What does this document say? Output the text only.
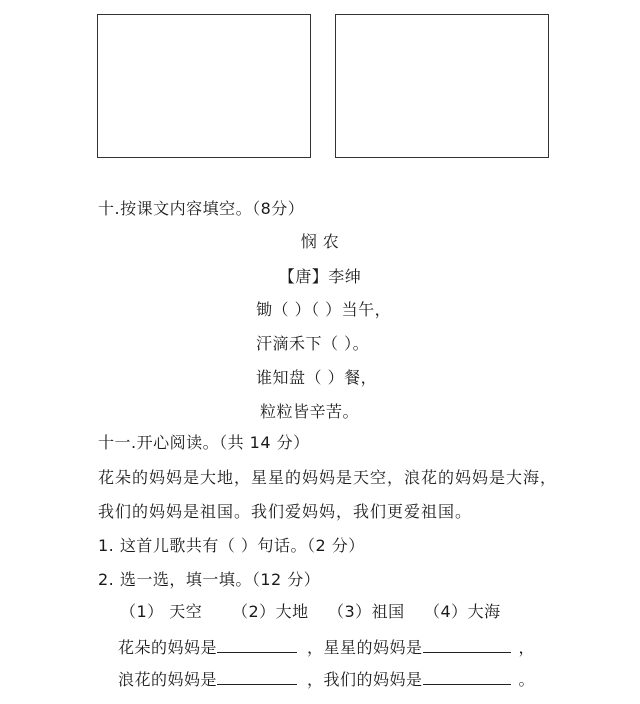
十.按课文内容填空。（8分）
悯 农
【唐】李绅
锄（ ）（ ）当午，
汗滴禾下（ ）。
谁知盘（ ）餐，
粒粒皆辛苦。
十一.开心阅读。（共 14 分）
花朵的妈妈是大地，星星的妈妈是天空，浪花的妈妈是大海，
我们的妈妈是祖国。我们爱妈妈，我们更爱祖国。
1. 这首儿歌共有（ ）句话。（2 分）
2. 选一选，填一填。（12 分）
（1） 天空 （2）大地 （3）祖国 （4）大海
花朵的妈妈是	，星星的妈妈是	，
浪花的妈妈是	，我们的妈妈是	。
